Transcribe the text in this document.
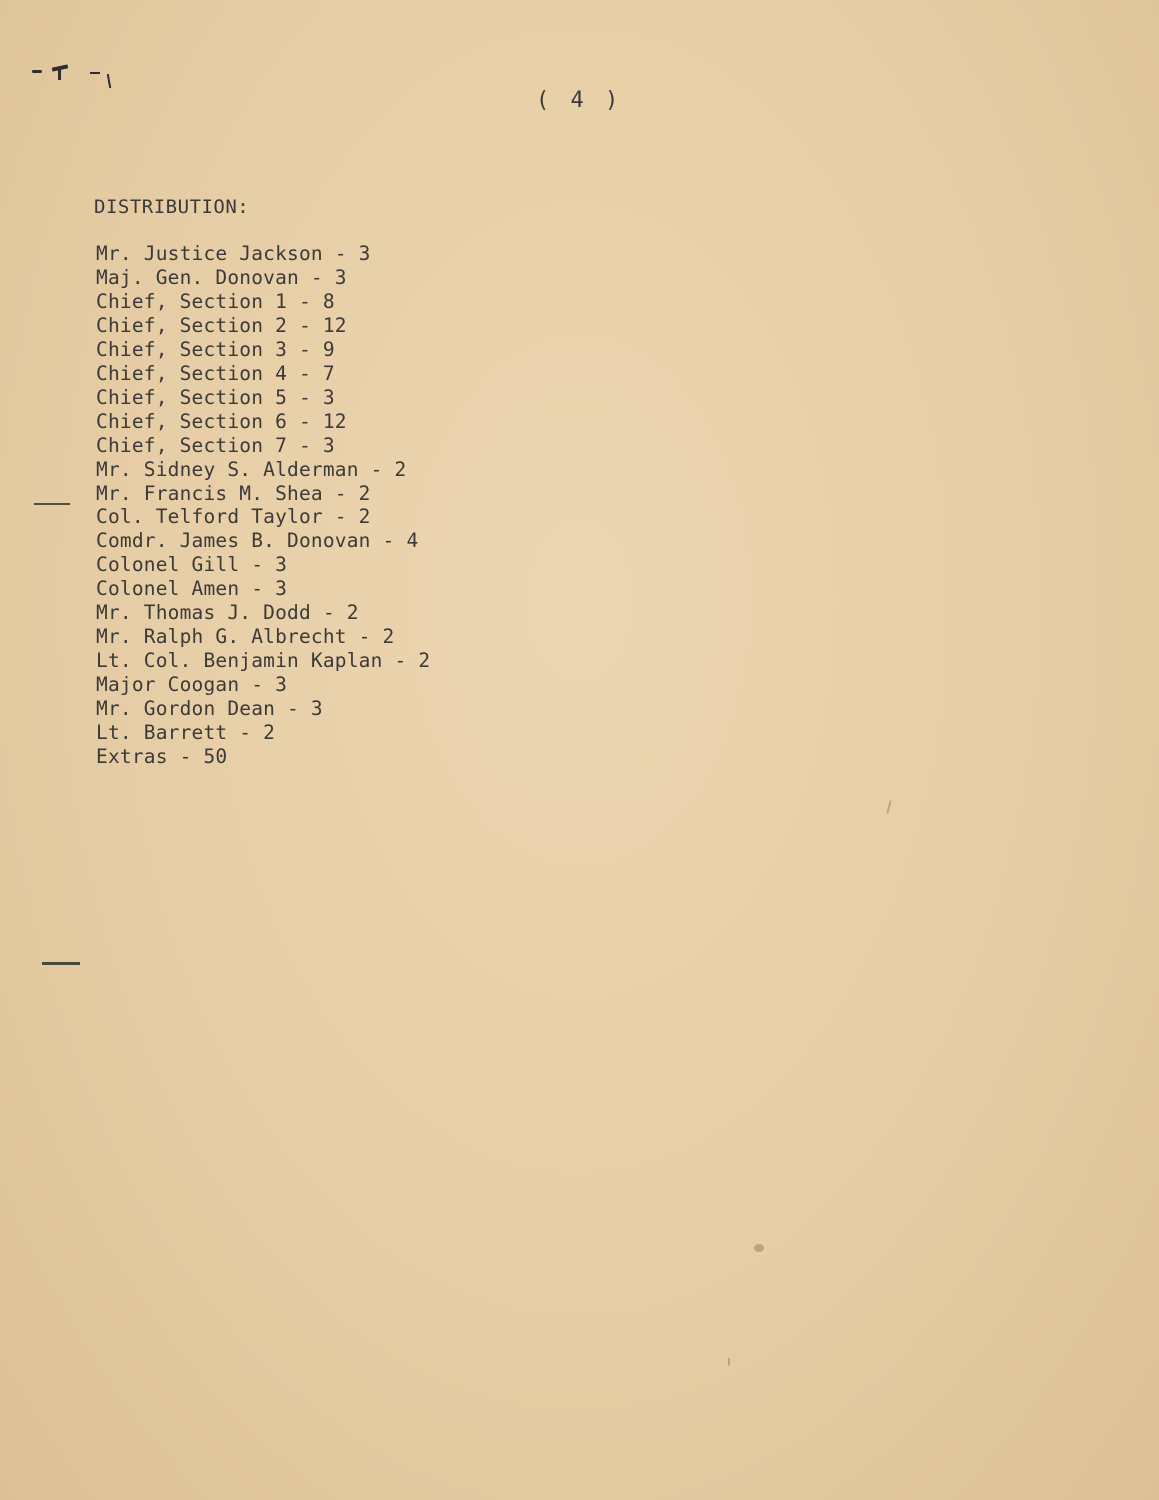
( 4 )
DISTRIBUTION:
Mr. Justice Jackson - 3
Maj. Gen. Donovan - 3
Chief, Section 1 - 8
Chief, Section 2 - 12
Chief, Section 3 - 9
Chief, Section 4 - 7
Chief, Section 5 - 3
Chief, Section 6 - 12
Chief, Section 7 - 3
Mr. Sidney S. Alderman - 2
Mr. Francis M. Shea - 2
Col. Telford Taylor - 2
Comdr. James B. Donovan - 4
Colonel Gill - 3
Colonel Amen - 3
Mr. Thomas J. Dodd - 2
Mr. Ralph G. Albrecht - 2
Lt. Col. Benjamin Kaplan - 2
Major Coogan - 3
Mr. Gordon Dean - 3
Lt. Barrett - 2
Extras - 50
